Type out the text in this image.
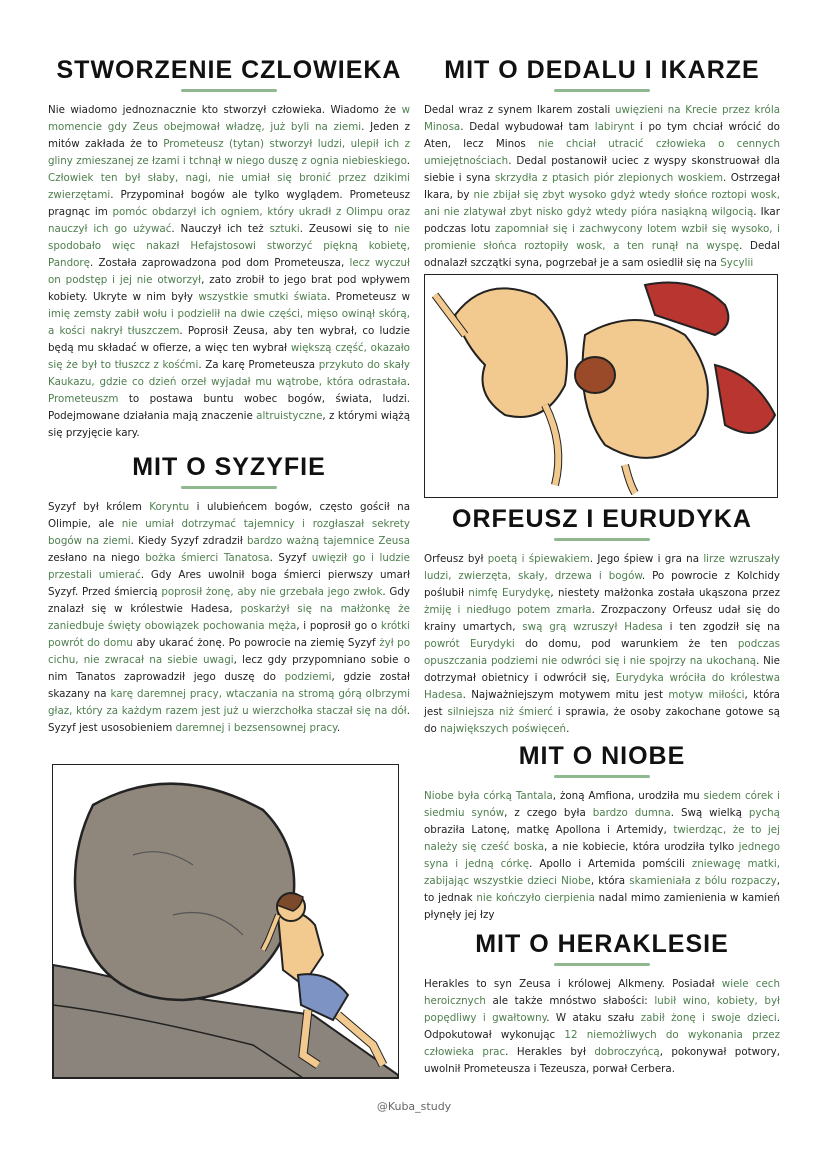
STWORZENIE CZLOWIEKA

Nie wiadomo jednoznacznie kto stworzył człowieka. Wiadomo że w momencie gdy Zeus obejmował władzę, już byli na ziemi. Jeden z mitów zakłada że to Prometeusz (tytan) stworzył ludzi, ulepił ich z gliny zmieszanej ze łzami i tchnął w niego duszę z ognia niebieskiego. Człowiek ten był słaby, nagi, nie umiał się bronić przez dzikimi zwierzętami. Przypominał bogów ale tylko wyglądem. Prometeusz pragnąc im pomóc obdarzył ich ogniem, który ukradł z Olimpu oraz nauczył ich go używać. Nauczył ich też sztuki. Zeusowi się to nie spodobało więc nakazł Hefajstosowi stworzyć piękną kobietę, Pandorę. Została zaprowadzona pod dom Prometeusza, lecz wyczuł on podstęp i jej nie otworzył, zato zrobił to jego brat pod wpływem kobiety. Ukryte w nim były wszystkie smutki świata. Prometeusz w imię zemsty zabił wołu i podzielił na dwie części, mięso owinął skórą, a kości nakrył tłuszczem. Poprosił Zeusa, aby ten wybrał, co ludzie będą mu składać w ofierze, a więc ten wybrał większą część, okazało się że był to tłuszcz z kośćmi. Za karę Prometeusza przykuto do skały Kaukazu, gdzie co dzień orzeł wyjadał mu wątrobe, która odrastała. Prometeuszm to postawa buntu wobec bogów, świata, ludzi. Podejmowane działania mają znaczenie altruistyczne, z którymi wiążą się przyjęcie kary.

MIT O SYZYFIE

Syzyf był królem Koryntu i ulubieńcem bogów, często gościł na Olimpie, ale nie umiał dotrzymać tajemnicy i rozgłaszał sekrety bogów na ziemi. Kiedy Syzyf zdradził bardzo ważną tajemnice Zeusa zesłano na niego bożka śmierci Tanatosa. Syzyf uwięził go i ludzie przestali umierać. Gdy Ares uwolnił boga śmierci pierwszy umarł Syzyf. Przed śmiercią poprosił żonę, aby nie grzebała jego zwłok. Gdy znalazł się w królestwie Hadesa, poskarżył się na małżonkę że zaniedbuje święty obowiązek pochowania męża, i poprosił go o krótki powrót do domu aby ukarać żonę. Po powrocie na ziemię Syzyf żył po cichu, nie zwracał na siebie uwagi, lecz gdy przypomniano sobie o nim Tanatos zaprowadził jego duszę do podziemi, gdzie został skazany na karę daremnej pracy, wtaczania na stromą górą olbrzymi głaz, który za każdym razem jest już u wierzchołka staczał się na dół. Syzyf jest usosobieniem daremnej i bezsensownej pracy.

MIT O DEDALU I IKARZE

Dedal wraz z synem Ikarem zostali uwięzieni na Krecie przez króla Minosa. Dedal wybudował tam labirynt i po tym chciał wrócić do Aten, lecz Minos nie chciał utracić człowieka o cennych umiejętnościach. Dedal postanowił uciec z wyspy skonstruował dla siebie i syna skrzydła z ptasich piór zlepionych woskiem. Ostrzegał Ikara, by nie zbijał się zbyt wysoko gdyż wtedy słońce roztopi wosk, ani nie zlatywał zbyt nisko gdyż wtedy pióra nasiąkną wilgocią. Ikar podczas lotu zapomniał się i zachwycony lotem wzbił się wysoko, i promienie słońca roztopiły wosk, a ten runął na wyspę. Dedal odnalazł szczątki syna, pogrzebał je a sam osiedlił się na Sycylii

ORFEUSZ I EURUDYKA

Orfeusz był poetą i śpiewakiem. Jego śpiew i gra na lirze wzruszały ludzi, zwierzęta, skały, drzewa i bogów. Po powrocie z Kolchidy poślubił nimfę Eurydykę, niestety małżonka została ukąszona przez żmiję i niedługo potem zmarła. Zrozpaczony Orfeusz udał się do krainy umartych, swą grą wzruszył Hadesa i ten zgodził się na powrót Eurydyki do domu, pod warunkiem że ten podczas opuszczania podziemi nie odwróci się i nie spojrzy na ukochaną. Nie dotrzymał obietnicy i odwrócił się, Eurydyka wróciła do królestwa Hadesa. Najważniejszym motywem mitu jest motyw miłości, która jest silniejsza niż śmierć i sprawia, że osoby zakochane gotowe są do największych poświęceń.

MIT O NIOBE

Niobe była córką Tantala, żoną Amfiona, urodziła mu siedem córek i siedmiu synów, z czego była bardzo dumna. Swą wielką pychą obraziła Latonę, matkę Apollona i Artemidy, twierdząc, że to jej należy się cześć boska, a nie kobiecie, która urodziła tylko jednego syna i jedną córkę. Apollo i Artemida pomścili zniewagę matki, zabijając wszystkie dzieci Niobe, która skamieniała z bólu rozpaczy, to jednak nie kończyło cierpienia nadal mimo zamienienia w kamień płynęły jej łzy

MIT O HERAKLESIE

Herakles to syn Zeusa i królowej Alkmeny. Posiadał wiele cech heroicznych ale także mnóstwo słabości: lubił wino, kobiety, był popędliwy i gwałtowny. W ataku szału zabił żonę i swoje dzieci. Odpokutował wykonując 12 niemożliwych do wykonania przez człowieka prac. Herakles był dobroczyńcą, pokonywał potwory, uwolnił Prometeusza i Tezeusza, porwał Cerbera.

@Kuba_study
